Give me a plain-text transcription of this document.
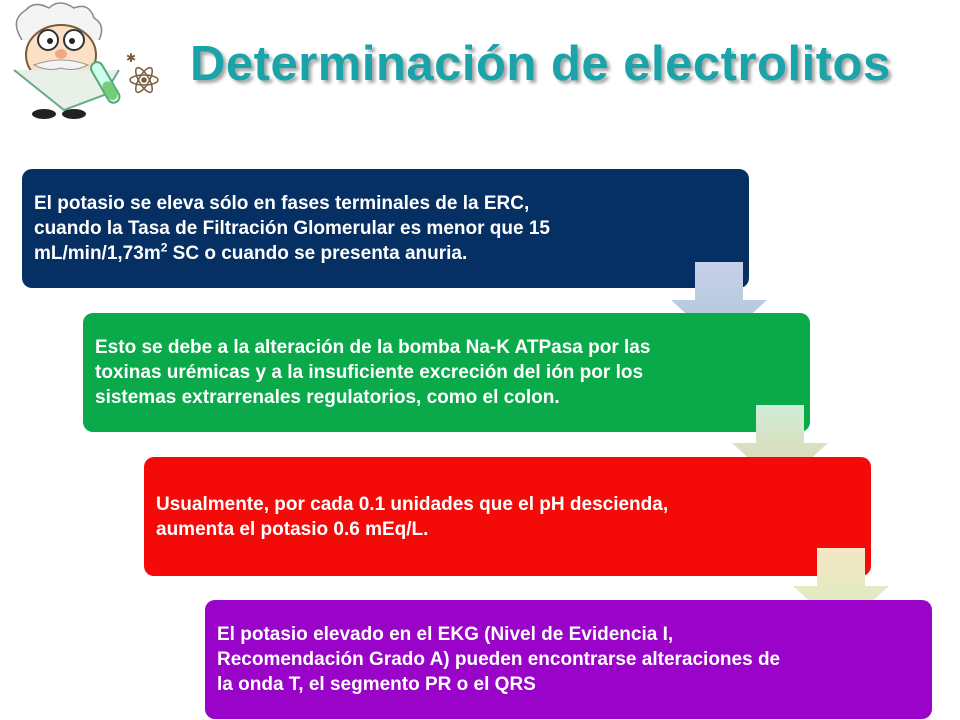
✱ Determinación de electrolitos
El potasio se eleva sólo en fases terminales de la ERC, cuando la Tasa de Filtración Glomerular es menor que 15 $mL/\min/1,73m^2$ SC o cuando se presenta anuria.
Esto se debe a la alteración de la bomba Na-K ATPasa por las toxinas urémicas y a la insuficiente excreción del ión por los sistemas extrarrenales regulatorios, como el colon.
Usualmente, por cada 0.1 unidades que el pH descienda, aumenta el potasio 0.6 mEq/L.
El potasio elevado en el EKG (Nivel de Evidencia I, Recomendación Grado A) pueden encontrarse alteraciones de la onda T, el segmento PR o el QRS
